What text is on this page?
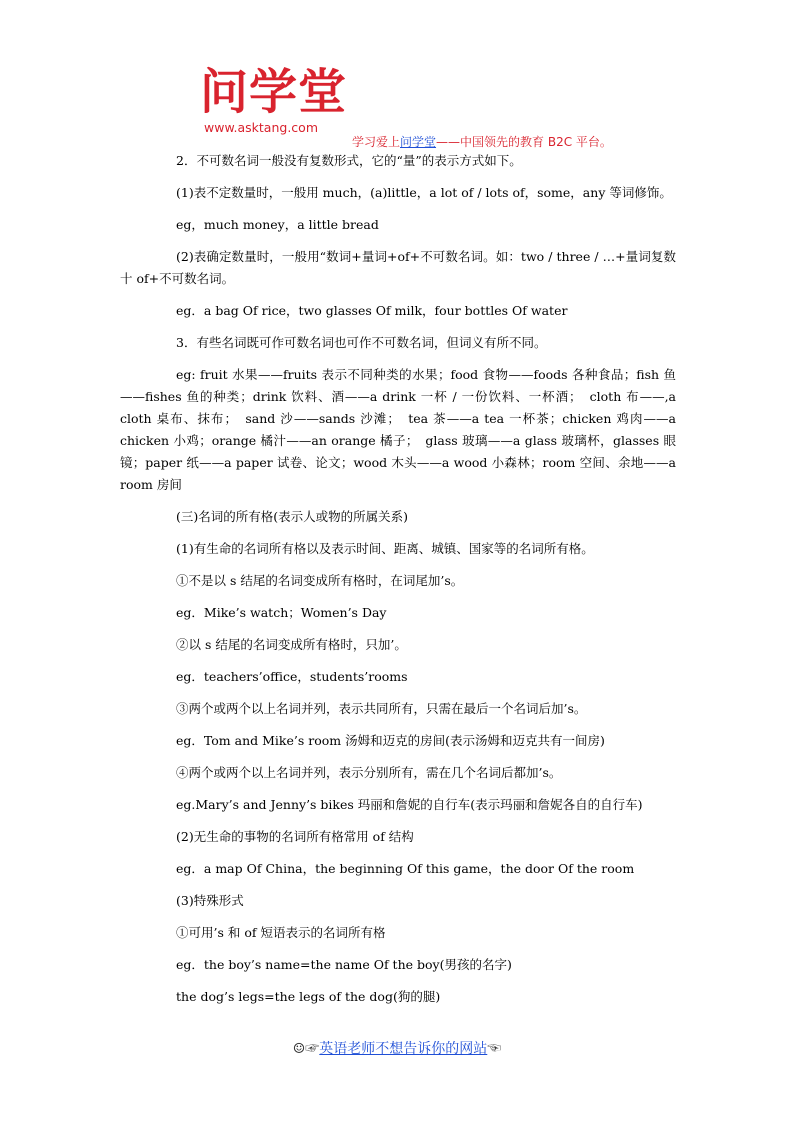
问学堂
www.asktang.com
学习爱上问学堂——中国领先的教育 B2C 平台。

2．不可数名词一般没有复数形式，它的“量”的表示方式如下。

(1)表不定数量时，一般用 much，(a)little，a lot of / lots of，some，any 等词修饰。

eg，much money，a little bread

(2)表确定数量时，一般用“数词+量词+of+不可数名词。如：two / three / …+量词复数十 of+不可数名词。

eg．a bag Of rice，two glasses Of milk，four bottles Of water

3．有些名词既可作可数名词也可作不可数名词，但词义有所不同。

eg: fruit 水果——fruits 表示不同种类的水果；food 食物——foods 各种食品；fish 鱼——fishes 鱼的种类；drink 饮料、酒——a drink 一杯 / 一份饮料、一杯酒；　cloth 布——,a cloth 桌布、抹布；　sand 沙——sands 沙滩；　tea 茶——a tea 一杯茶；chicken 鸡肉——a chicken 小鸡；orange 橘汁——an orange 橘子；　glass 玻璃——a glass 玻璃杯，glasses 眼镜；paper 纸——a paper 试卷、论文；wood 木头——a wood 小森林；room 空间、余地——a room 房间

(三)名词的所有格(表示人或物的所属关系)

(1)有生命的名词所有格以及表示时间、距离、城镇、国家等的名词所有格。

①不是以 s 结尾的名词变成所有格时，在词尾加’s。

eg．Mike’s watch；Women’s Day

②以 s 结尾的名词变成所有格时，只加’。

eg．teachers’office，students’rooms

③两个或两个以上名词并列，表示共同所有，只需在最后一个名词后加’s。

eg．Tom and Mike’s room 汤姆和迈克的房间(表示汤姆和迈克共有一间房)

④两个或两个以上名词并列，表示分别所有，需在几个名词后都加’s。

eg.Mary’s and Jenny’s bikes 玛丽和詹妮的自行车(表示玛丽和詹妮各自的自行车)

(2)无生命的事物的名词所有格常用 of 结构

eg．a map Of China，the beginning Of this game，the door Of the room

(3)特殊形式

①可用’s 和 of 短语表示的名词所有格

eg．the boy’s name=the name Of the boy(男孩的名字)

the dog’s legs=the legs of the dog(狗的腿)

☺☞英语老师不想告诉你的网站☜
